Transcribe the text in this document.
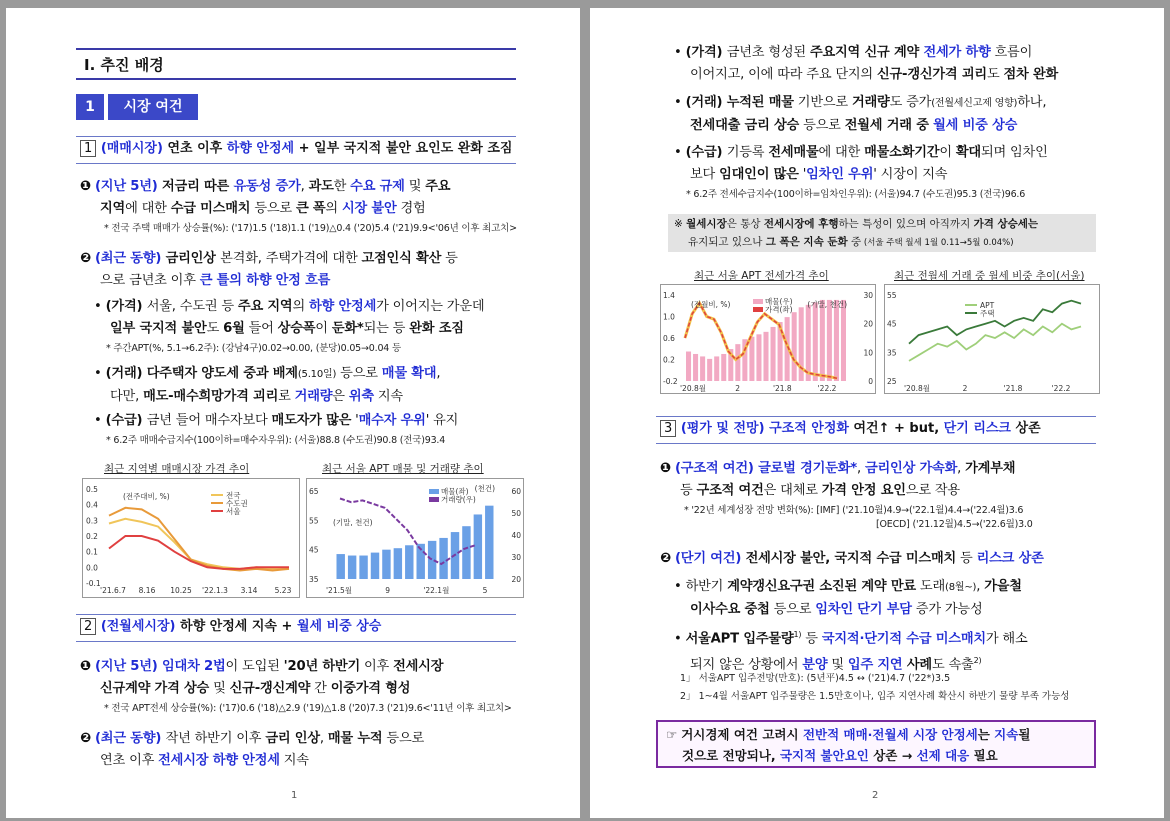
Ⅰ. 추진 배경
1	시장 여건
1 (매매시장) 연초 이후 하향 안정세 + 일부 국지적 불안 요인도 완화 조짐
❶ (지난 5년) 저금리 따른 유동성 증가, 과도한 수요 규제 및 주요
지역에 대한 수급 미스매치 등으로 큰 폭의 시장 불안 경험
* 전국 주택 매매가 상승률(%): ('17)1.5 ('18)1.1 ('19)△0.4 ('20)5.4 ('21)9.9<'06년 이후 최고치>
❷ (최근 동향) 금리인상 본격화, 주택가격에 대한 고점인식 확산 등
으로 금년초 이후 큰 틀의 하향 안정 흐름
• (가격) 서울, 수도권 등 주요 지역의 하향 안정세가 이어지는 가운데
일부 국지적 불안도 6월 들어 상승폭이 둔화*되는 등 완화 조짐
* 주간APT(%, 5.1→6.2주): (강남4구)0.02→0.00, (분당)0.05→0.04 등
• (거래) 다주택자 양도세 중과 배제(5.10일) 등으로 매물 확대,
다만, 매도-매수희망가격 괴리로 거래량은 위축 지속
• (수급) 금년 들어 매수자보다 매도자가 많은 '매수자 우위' 유지
* 6.2주 매매수급지수(100이하=매수자우위): (서울)88.8 (수도권)90.8 (전국)93.4
최근 지역별 매매시장 가격 추이	최근 서울 APT 매물 및 거래량 추이
0.5
0.4
0.3
0.2
0.1
0.0
-0.1
(전주대비, %)	전국
수도권
서울
'21.6.7 8.16 10.25 '22.1.3 3.14 5.23
65
55
45
35
60
50
40
30
20
(기말, 천건)
(천건)
매물(좌)
거래량(우)
'21.5월	9	'22.1월	5
2 (전월세시장) 하향 안정세 지속 + 월세 비중 상승
❶ (지난 5년) 임대차 2법이 도입된 '20년 하반기 이후 전세시장
신규계약 가격 상승 및 신규-갱신계약 간 이중가격 형성
* 전국 APT전세 상승률(%): ('17)0.6 ('18)△2.9 ('19)△1.8 ('20)7.3 ('21)9.6<'11년 이후 최고치>
❷ (최근 동향) 작년 하반기 이후 금리 인상, 매물 누적 등으로
연초 이후 전세시장 하향 안정세 지속
1
• (가격) 금년초 형성된 주요지역 신규 계약 전세가 하향 흐름이
이어지고, 이에 따라 주요 단지의 신규-갱신가격 괴리도 점차 완화
• (거래) 누적된 매물 기반으로 거래량도 증가(전월세신고제 영향)하나,
전세대출 금리 상승 등으로 전월세 거래 중 월세 비중 상승
• (수급) 기등록 전세매물에 대한 매물소화기간이 확대되며 임차인
보다 임대인이 많은 '임차인 우위' 시장이 지속
* 6.2주 전세수급지수(100이하=임차인우위): (서울)94.7 (수도권)95.3 (전국)96.6
※ 월세시장은 통상 전세시장에 후행하는 특성이 있으며 아직까지 가격 상승세는
유지되고 있으나 그 폭은 지속 둔화 중 (서울 주택 월세 1월 0.11→5월 0.04%)
최근 서울 APT 전세가격 추이	최근 전월세 거래 중 월세 비중 추이(서울)
1.4
1.0
0.6
0.2
-0.2
30
20
10
0
(전월비, %)	(기말, 천건)
매물(우)
가격(좌)
'20.8월	2	'21.8	'22.2
55
45
35
25
APT
주택
'20.8월	2	'21.8	'22.2
3 (평가 및 전망) 구조적 안정화 여건↑ + but, 단기 리스크 상존
❶ (구조적 여건) 글로벌 경기둔화*, 금리인상 가속화, 가계부채
등 구조적 여건은 대체로 가격 안정 요인으로 작용
* '22년 세계성장 전망 변화(%): [IMF] ('21.10월)4.9→('22.1월)4.4→('22.4월)3.6
[OECD] ('21.12월)4.5→('22.6월)3.0
❷ (단기 여건) 전세시장 불안, 국지적 수급 미스매치 등 리스크 상존
• 하반기 계약갱신요구권 소진된 계약 만료 도래(8월~), 가을철
이사수요 중첩 등으로 임차인 단기 부담 증가 가능성
• 서울APT 입주물량$^{1)}$ 등 국지적·단기적 수급 미스매치가 해소
되지 않은 상황에서 분양 및 입주 지연 사례도 속출$^{2)}$
1」 서울APT 입주전망(만호): (5년平)4.5 ↔ ('21)4.7 ('22*)3.5
2」 1~4월 서울APT 입주물량은 1.5만호이나, 입주 지연사례 확산시 하반기 물량 부족 가능성
☞ 거시경제 여건 고려시 전반적 매매·전월세 시장 안정세는 지속될
것으로 전망되나, 국지적 불안요인 상존 → 선제 대응 필요
2
